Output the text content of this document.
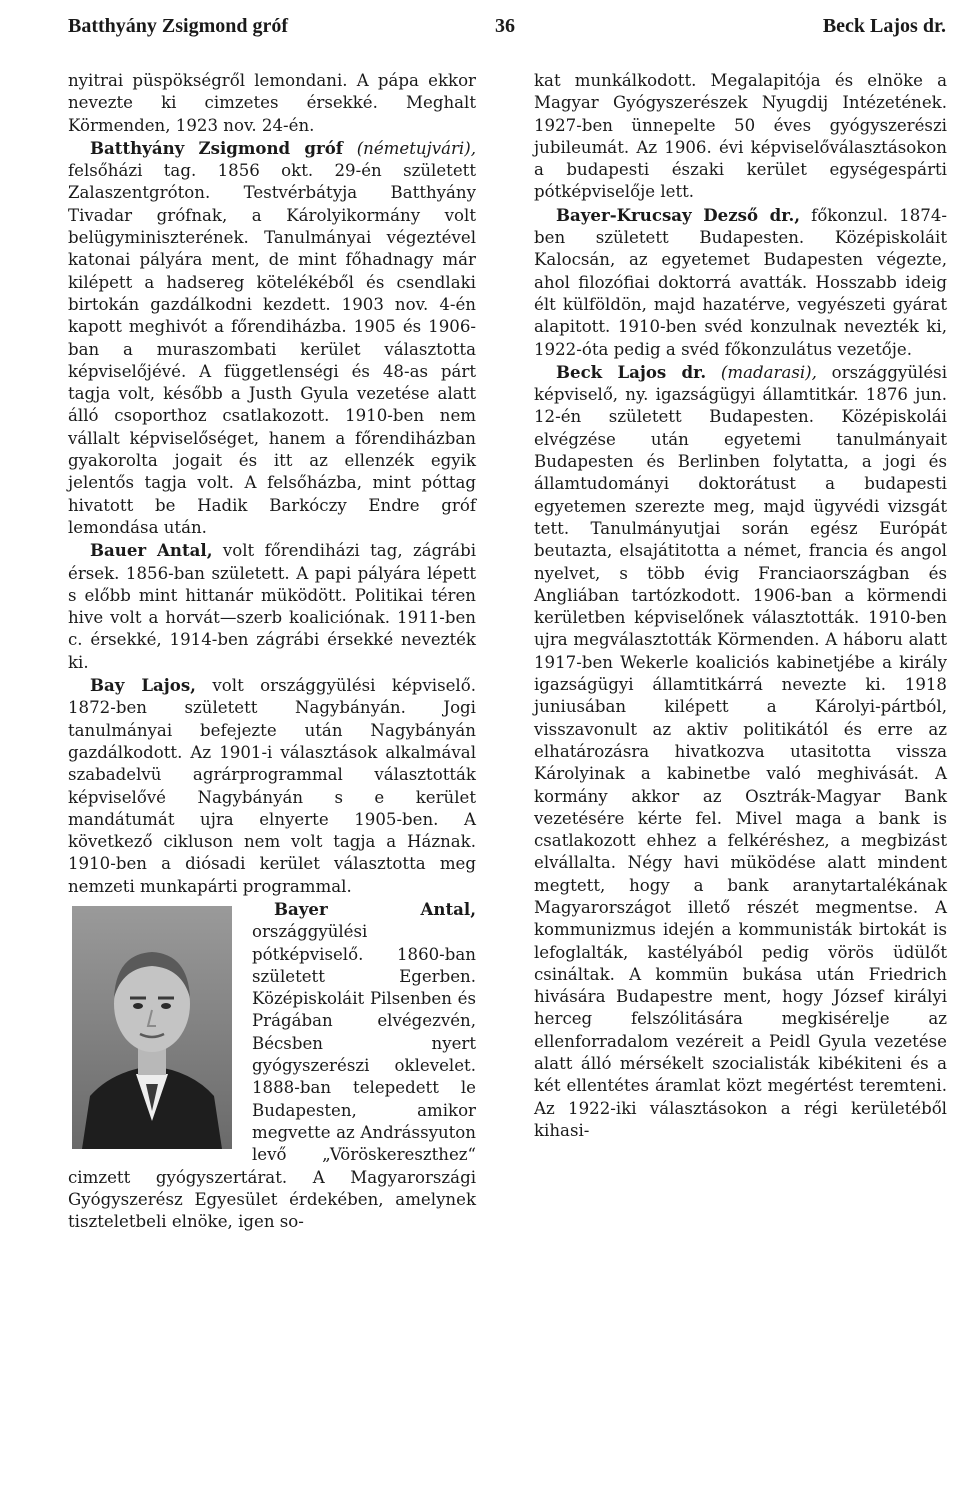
Batthyány Zsigmond gróf	36	Beck Lajos dr.

nyitrai püspökségről lemondani. A pápa ekkor nevezte ki cimzetes érsekké. Meghalt Körmenden, 1923 nov. 24-én.

Batthyány Zsigmond gróf (németujvári), felsőházi tag. 1856 okt. 29-én született Zalaszentgróton. Testvérbátyja Batthyány Tivadar grófnak, a Károlyikormány volt belügyminiszterének. Tanulmányai végeztével katonai pályára ment, de mint főhadnagy már kilépett a hadsereg kötelékéből és csendlaki birtokán gazdálkodni kezdett. 1903 nov. 4-én kapott meghivót a főrendiházba. 1905 és 1906-ban a muraszombati kerület választotta képviselőjévé. A függetlenségi és 48-as párt tagja volt, később a Justh Gyula vezetése alatt álló csoporthoz csatlakozott. 1910-ben nem vállalt képviselőséget, hanem a főrendiházban gyakorolta jogait és itt az ellenzék egyik jelentős tagja volt. A felsőházba, mint póttag hivatott be Hadik Barkóczy Endre gróf lemondása után.

Bauer Antal, volt főrendiházi tag, zágrábi érsek. 1856-ban született. A papi pályára lépett s előbb mint hittanár müködött. Politikai téren hive volt a horvát—szerb koaliciónak. 1911-ben c. érsekké, 1914-ben zágrábi érsekké nevezték ki.

Bay Lajos, volt országgyülési képviselő. 1872-ben született Nagybányán. Jogi tanulmányai befejezte után Nagybányán gazdálkodott. Az 1901-i választások alkalmával szabadelvü agrárprogrammal választották képviselővé Nagybányán s e kerület mandátumát ujra elnyerte 1905-ben. A következő cikluson nem volt tagja a Háznak. 1910-ben a diósadi kerület választotta meg nemzeti munkapárti programmal.

Bayer Antal, országgyülési pótképviselő. 1860-ban született Egerben. Középiskoláit Pilsenben és Prágában elvégezvén, Bécsben nyert gyógyszerészi oklevelet. 1888-ban telepedett le Budapesten, amikor megvette az Andrássyuton levő „Vöröskereszthez“ cimzett gyógyszertárat. A Magyarországi Gyógyszerész Egyesület érdekében, amelynek tiszteletbeli elnöke, igen so-

kat munkálkodott. Megalapitója és elnöke a Magyar Gyógyszerészek Nyugdij Intézetének. 1927-ben ünnepelte 50 éves gyógyszerészi jubileumát. Az 1906. évi képviselőválasztásokon a budapesti északi kerület egységespárti pótképviselője lett.

Bayer-Krucsay Dezső dr., főkonzul. 1874-ben született Budapesten. Középiskoláit Kalocsán, az egyetemet Budapesten végezte, ahol filozófiai doktorrá avatták. Hosszabb ideig élt külföldön, majd hazatérve, vegyészeti gyárat alapitott. 1910-ben svéd konzulnak nevezték ki, 1922-óta pedig a svéd főkonzulátus vezetője.

Beck Lajos dr. (madarasi), országgyülési képviselő, ny. igazságügyi államtitkár. 1876 jun. 12-én született Budapesten. Középiskolái elvégzése után egyetemi tanulmányait Budapesten és Berlinben folytatta, a jogi és államtudományi doktorátust a budapesti egyetemen szerezte meg, majd ügyvédi vizsgát tett. Tanulmányutjai során egész Európát beutazta, elsajátitotta a német, francia és angol nyelvet, s több évig Franciaországban és Angliában tartózkodott. 1906-ban a körmendi kerületben képviselőnek választották. 1910-ben ujra megválasztották Körmenden. A háboru alatt 1917-ben Wekerle koaliciós kabinetjébe a király igazságügyi államtitkárrá nevezte ki. 1918 juniusában kilépett a Károlyi-pártból, visszavonult az aktiv politikától és erre az elhatározásra hivatkozva utasitotta vissza Károlyinak a kabinetbe való meghivását. A kormány akkor az Osztrák-Magyar Bank vezetésére kérte fel. Mivel maga a bank is csatlakozott ehhez a felkéréshez, a megbizást elvállalta. Négy havi müködése alatt mindent megtett, hogy a bank aranytartalékának Magyarországot illető részét megmentse. A kommunizmus idején a kommunisták birtokát is lefoglalták, kastélyából pedig vörös üdülőt csináltak. A kommün bukása után Friedrich hivására Budapestre ment, hogy József királyi herceg felszólitására megkisérelje az ellenforradalom vezéreit a Peidl Gyula vezetése alatt álló mérsékelt szocialisták kibékiteni és a két ellentétes áramlat közt megértést teremteni. Az 1922-iki választásokon a régi kerületéből kihasi-
